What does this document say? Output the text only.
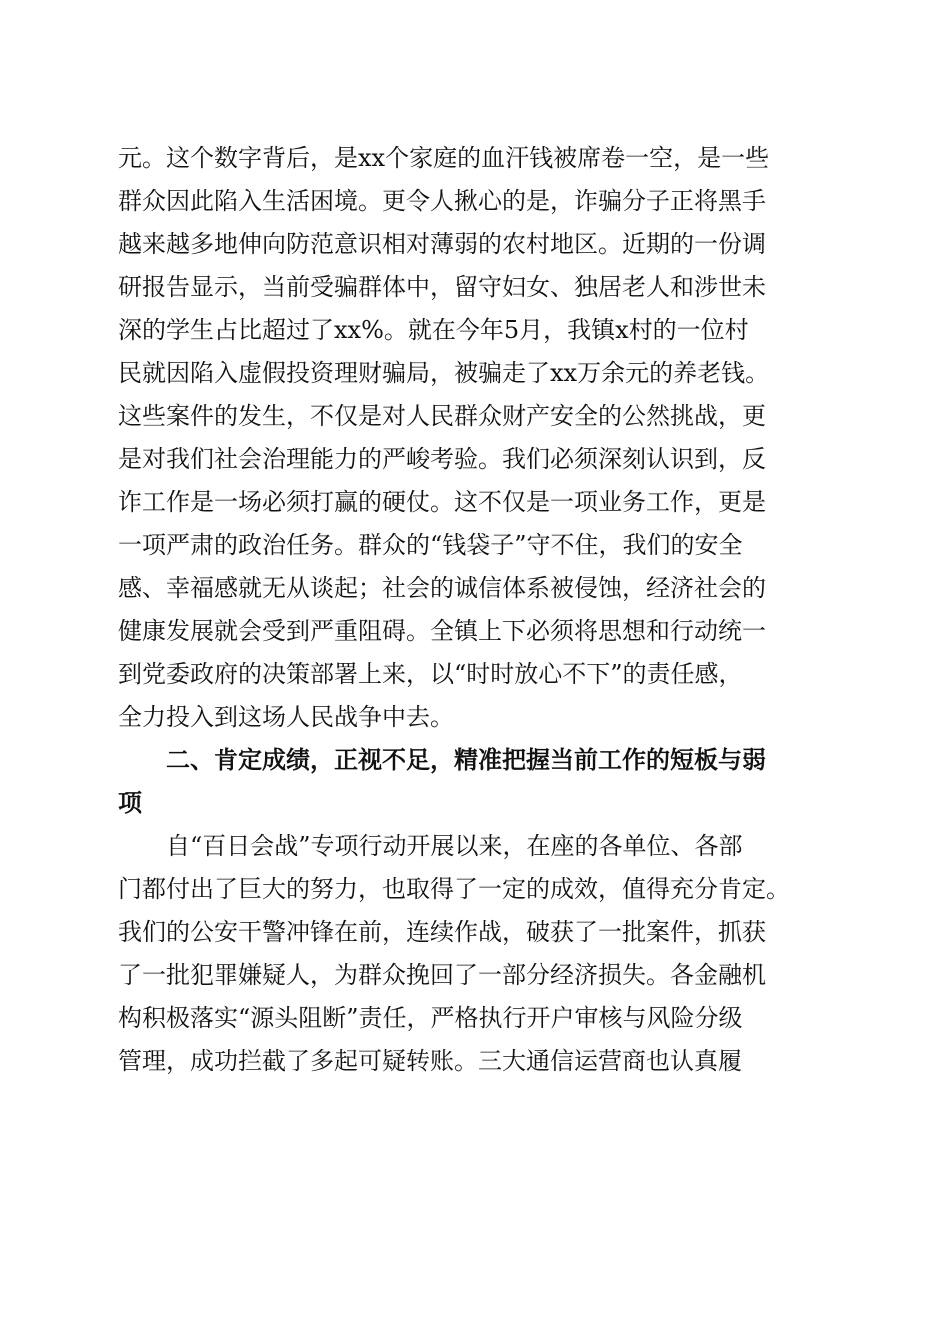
元。这个数字背后，是xx个家庭的血汗钱被席卷一空，是一些
群众因此陷入生活困境。更令人揪心的是，诈骗分子正将黑手
越来越多地伸向防范意识相对薄弱的农村地区。近期的一份调
研报告显示，当前受骗群体中，留守妇女、独居老人和涉世未
深的学生占比超过了xx%。就在今年5月，我镇x村的一位村
民就因陷入虚假投资理财骗局，被骗走了xx万余元的养老钱。
这些案件的发生，不仅是对人民群众财产安全的公然挑战，更
是对我们社会治理能力的严峻考验。我们必须深刻认识到，反
诈工作是一场必须打赢的硬仗。这不仅是一项业务工作，更是
一项严肃的政治任务。群众的“钱袋子”守不住，我们的安全
感、幸福感就无从谈起；社会的诚信体系被侵蚀，经济社会的
健康发展就会受到严重阻碍。全镇上下必须将思想和行动统一
到党委政府的决策部署上来，以“时时放心不下”的责任感，
全力投入到这场人民战争中去。
二、肯定成绩，正视不足，精准把握当前工作的短板与弱
项
自“百日会战”专项行动开展以来，在座的各单位、各部
门都付出了巨大的努力，也取得了一定的成效，值得充分肯定。
我们的公安干警冲锋在前，连续作战，破获了一批案件，抓获
了一批犯罪嫌疑人，为群众挽回了一部分经济损失。各金融机
构积极落实“源头阻断”责任，严格执行开户审核与风险分级
管理，成功拦截了多起可疑转账。三大通信运营商也认真履
